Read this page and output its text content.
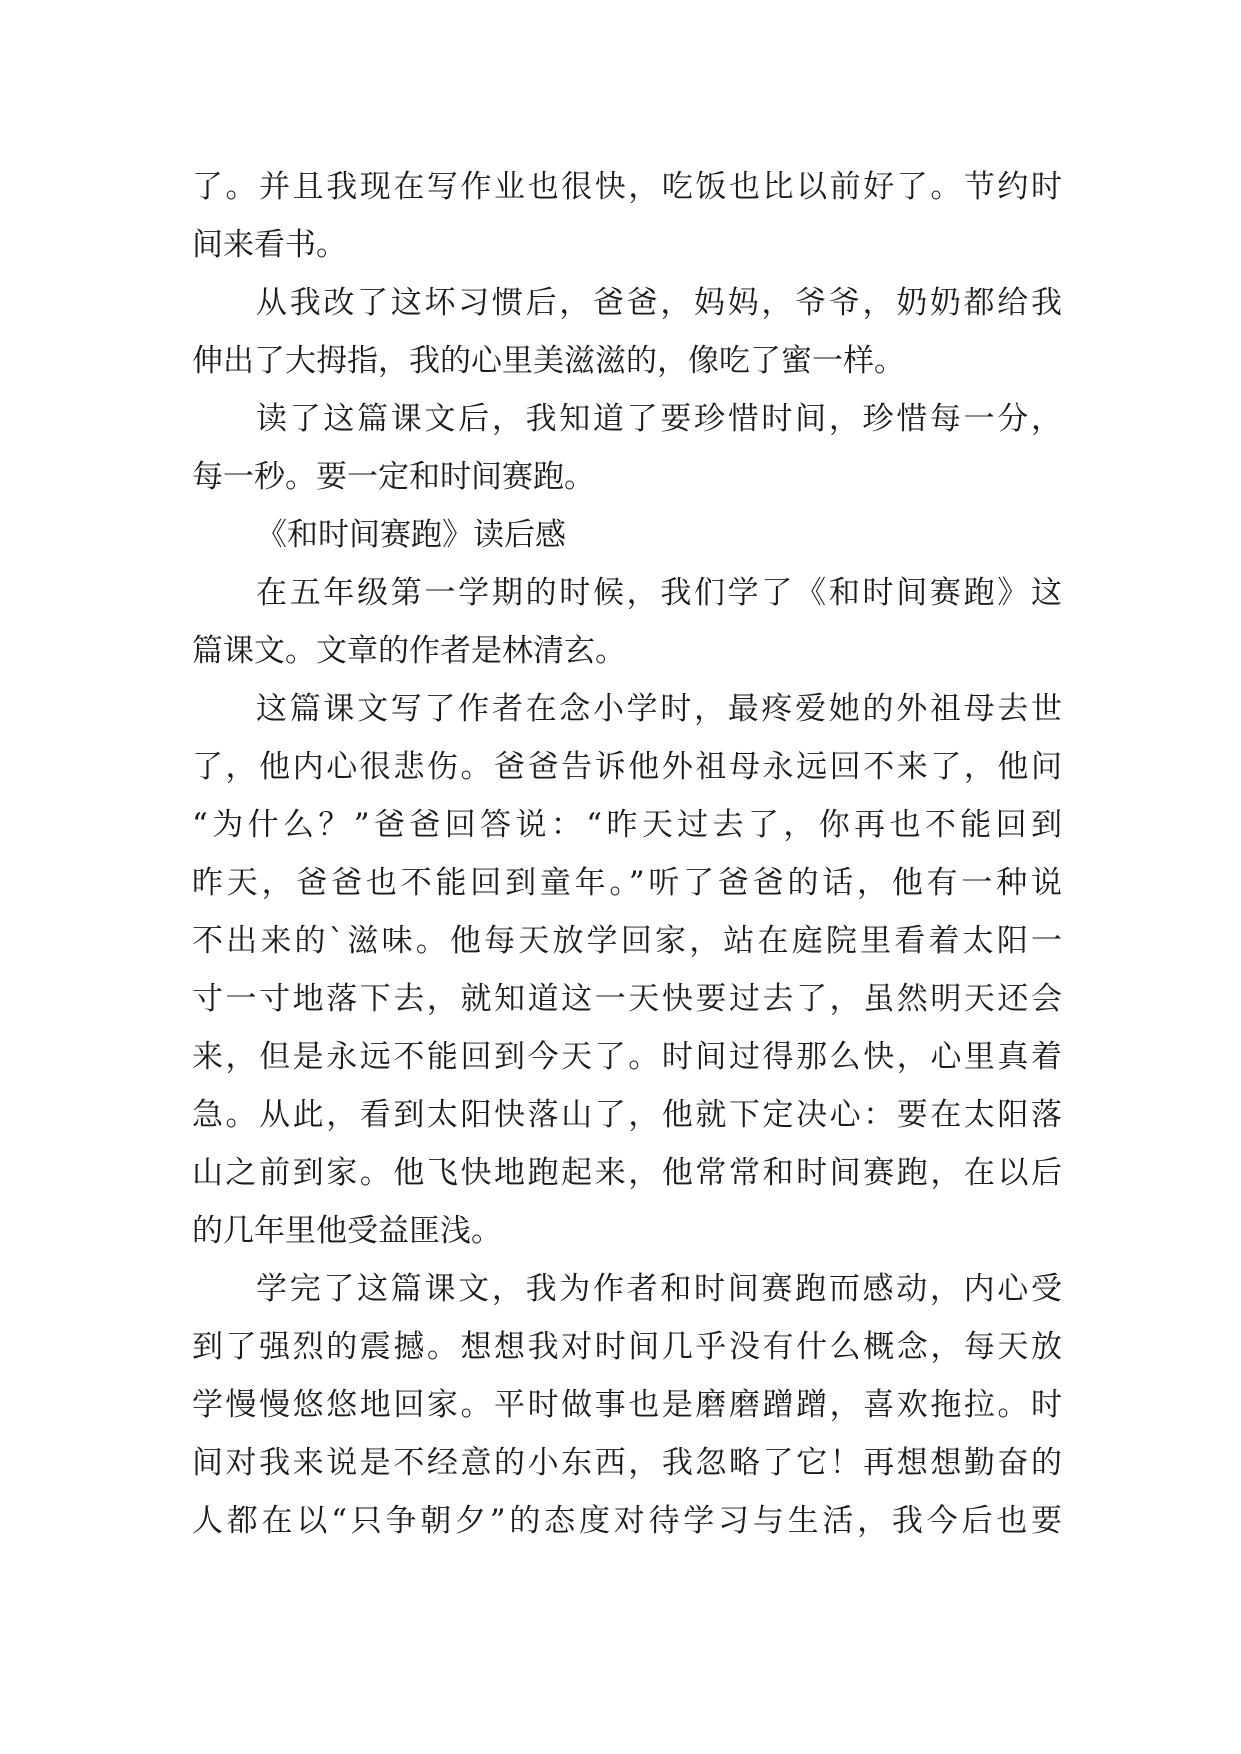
了。并且我现在写作业也很快，吃饭也比以前好了。节约时
间来看书。
从我改了这坏习惯后，爸爸，妈妈，爷爷，奶奶都给我
伸出了大拇指，我的心里美滋滋的，像吃了蜜一样。
读了这篇课文后，我知道了要珍惜时间，珍惜每一分，
每一秒。要一定和时间赛跑。
《和时间赛跑》读后感
在五年级第一学期的时候，我们学了《和时间赛跑》这
篇课文。文章的作者是林清玄。
这篇课文写了作者在念小学时，最疼爱她的外祖母去世
了，他内心很悲伤。爸爸告诉他外祖母永远回不来了，他问
“为什么？”爸爸回答说：“昨天过去了，你再也不能回到
昨天，爸爸也不能回到童年。”听了爸爸的话，他有一种说
不出来的`滋味。他每天放学回家，站在庭院里看着太阳一
寸一寸地落下去，就知道这一天快要过去了，虽然明天还会
来，但是永远不能回到今天了。时间过得那么快，心里真着
急。从此，看到太阳快落山了，他就下定决心：要在太阳落
山之前到家。他飞快地跑起来，他常常和时间赛跑，在以后
的几年里他受益匪浅。
学完了这篇课文，我为作者和时间赛跑而感动，内心受
到了强烈的震撼。想想我对时间几乎没有什么概念，每天放
学慢慢悠悠地回家。平时做事也是磨磨蹭蹭，喜欢拖拉。时
间对我来说是不经意的小东西，我忽略了它！再想想勤奋的
人都在以“只争朝夕”的态度对待学习与生活，我今后也要
